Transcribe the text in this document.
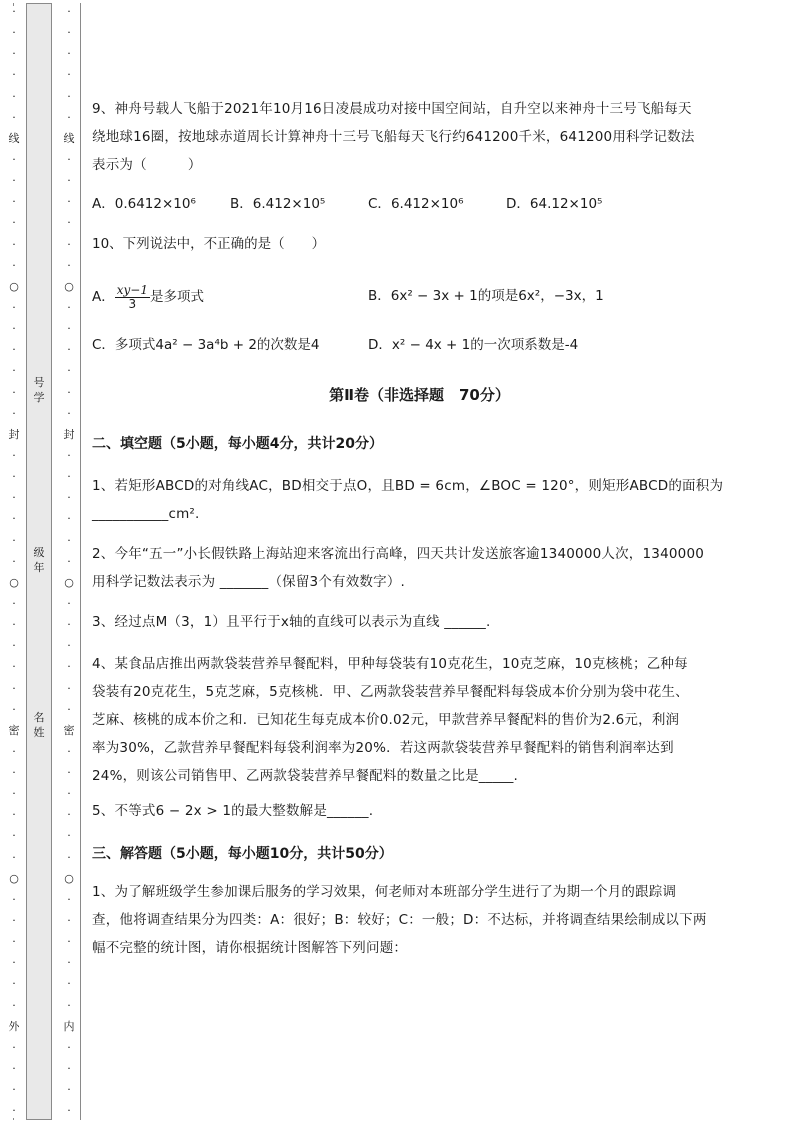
·
·
·
·
·
·
线
·
·
·
·
·
·
○
·
·
·
·
·
·
封
·
·
·
·
·
·
○
·
·
·
·
·
·
密
·
·
·
·
·
·
○
·
·
·
·
·
·
外
·
·
·
·
·
·
·
·
·
·
线
·
·
·
·
·
·
○
·
·
·
·
·
·
封
·
·
·
·
·
·
○
·
·
·
·
·
·
密
·
·
·
·
·
·
○
·
·
·
·
·
·
内
·
·
·
·
号
学
级
年
名
姓
9、神舟号载人飞船于2021年10月16日凌晨成功对接中国空间站，自升空以来神舟十三号飞船每天
绕地球16圈，按地球赤道周长计算神舟十三号飞船每天飞行约641200千米，641200用科学记数法
表示为（　　　）
A．0.6412×10⁶	B．6.412×10⁵	C．6.412×10⁶	D．64.12×10⁵
10、下列说法中，不正确的是（　　）
A． $\frac{xy-1}{3}$ 是多项式	B．6x² − 3x + 1的项是6x²，−3x，1
C．多项式4a² − 3a⁴b + 2的次数是4	D．x² − 4x + 1的一次项系数是-4
第Ⅱ卷（非选择题　70分）
二、填空题（5小题，每小题4分，共计20分）
1、若矩形ABCD的对角线AC，BD相交于点O，且BD = 6cm，∠BOC = 120°，则矩形ABCD的面积为
___________cm².
2、今年“五一”小长假铁路上海站迎来客流出行高峰，四天共计发送旅客逾1340000人次，1340000
用科学记数法表示为 _______（保留3个有效数字）.
3、经过点M（3，1）且平行于x轴的直线可以表示为直线 ______.
4、某食品店推出两款袋装营养早餐配料，甲种每袋装有10克花生，10克芝麻，10克核桃；乙种每
袋装有20克花生，5克芝麻，5克核桃．甲、乙两款袋装营养早餐配料每袋成本价分别为袋中花生、
芝麻、核桃的成本价之和．已知花生每克成本价0.02元，甲款营养早餐配料的售价为2.6元，利润
率为30%，乙款营养早餐配料每袋利润率为20%．若这两款袋装营养早餐配料的销售利润率达到
24%，则该公司销售甲、乙两款袋装营养早餐配料的数量之比是_____.
5、不等式6 − 2x > 1的最大整数解是______.
三、解答题（5小题，每小题10分，共计50分）
1、为了解班级学生参加课后服务的学习效果，何老师对本班部分学生进行了为期一个月的跟踪调
查，他将调查结果分为四类：A：很好；B：较好；C：一般；D：不达标，并将调查结果绘制成以下两
幅不完整的统计图，请你根据统计图解答下列问题：
